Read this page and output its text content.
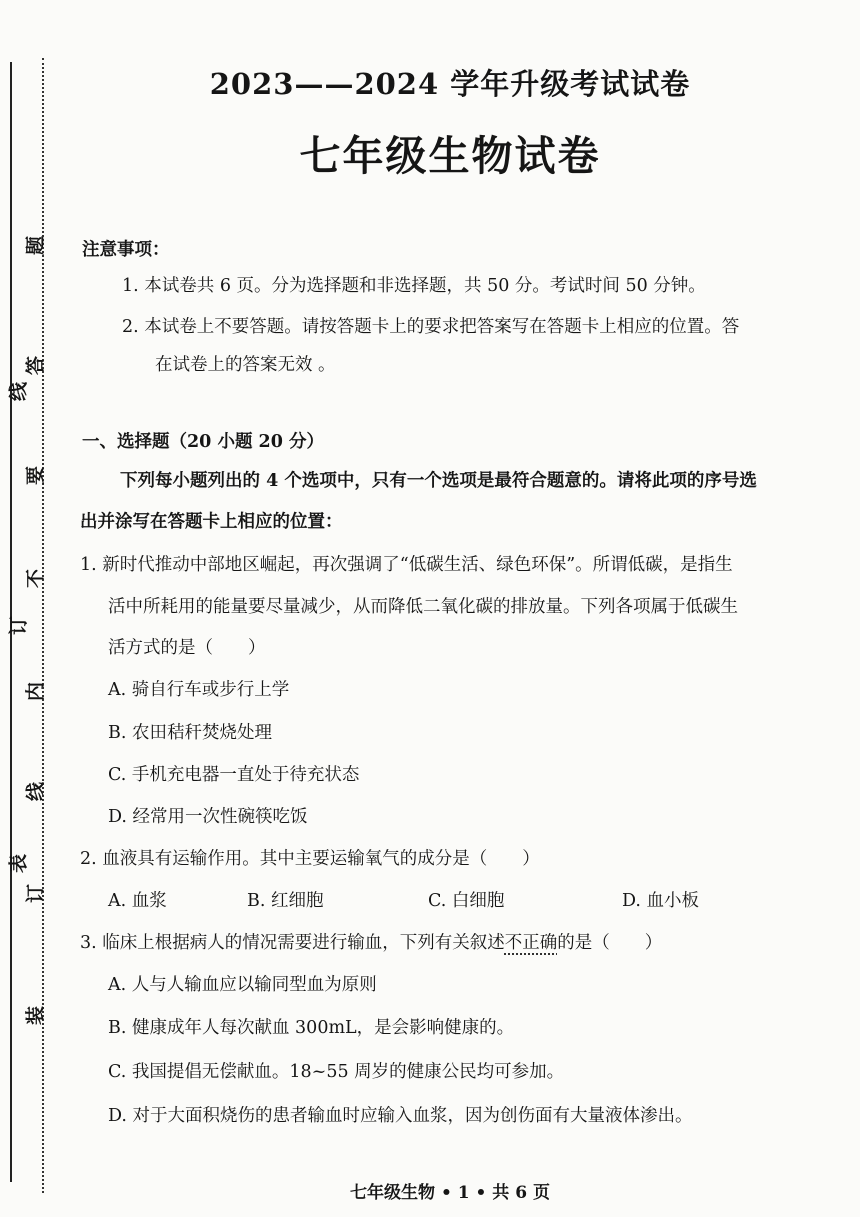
题
线
答
要
不
订
内
线
表
订
装
2023——2024 学年升级考试试卷
七年级生物试卷
注意事项：
1. 本试卷共 6 页。分为选择题和非选择题，共 50 分。考试时间 50 分钟。
2. 本试卷上不要答题。请按答题卡上的要求把答案写在答题卡上相应的位置。答
在试卷上的答案无效 。
一、选择题（20 小题 20 分）
下列每小题列出的 4 个选项中，只有一个选项是最符合题意的。请将此项的序号选
出并涂写在答题卡上相应的位置：
1. 新时代推动中部地区崛起，再次强调了“低碳生活、绿色环保”。所谓低碳，是指生
活中所耗用的能量要尽量减少，从而降低二氧化碳的排放量。下列各项属于低碳生
活方式的是（　　）
A. 骑自行车或步行上学
B. 农田秸秆焚烧处理
C. 手机充电器一直处于待充状态
D. 经常用一次性碗筷吃饭
2. 血液具有运输作用。其中主要运输氧气的成分是（　　）
A. 血浆	B. 红细胞	C. 白细胞	D. 血小板
3. 临床上根据病人的情况需要进行输血，下列有关叙述不正确的是（　　）
A. 人与人输血应以输同型血为原则
B. 健康成年人每次献血 300mL，是会影响健康的。
C. 我国提倡无偿献血。18~55 周岁的健康公民均可参加。
D. 对于大面积烧伤的患者输血时应输入血浆，因为创伤面有大量液体渗出。
七年级生物 • 1 • 共 6 页
